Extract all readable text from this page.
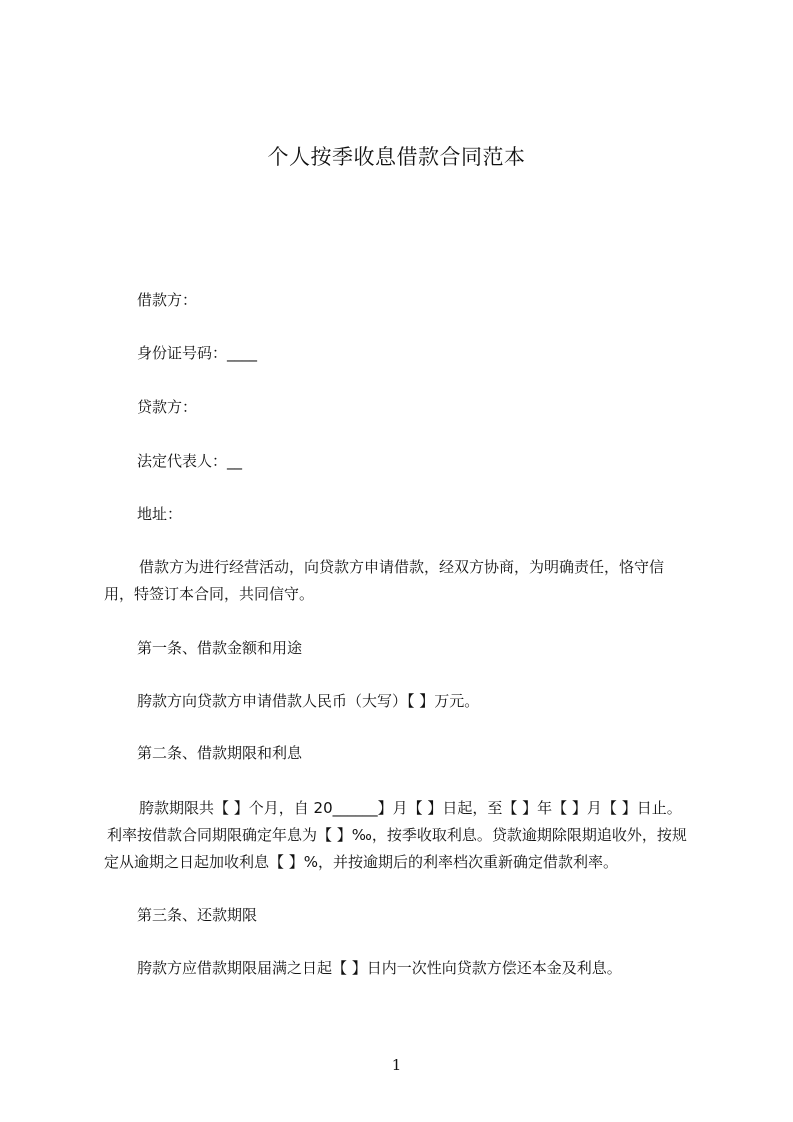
个人按季收息借款合同范本
借款方：
身份证号码：____
贷款方：
法定代表人：__
地址：
借款方为进行经营活动，向贷款方申请借款，经双方协商，为明确责任，恪守信
用，特签订本合同，共同信守。
第一条、借款金额和用途
胯款方向贷款方申请借款人民币（大写）【 】万元。
第二条、借款期限和利息
胯款期限共【 】个月，自 20______】月【 】日起，至【 】年【 】月【 】日止。
利率按借款合同期限确定年息为【 】‰，按季收取利息。贷款逾期除限期追收外，按规
定从逾期之日起加收利息【 】%，并按逾期后的利率档次重新确定借款利率。
第三条、还款期限
胯款方应借款期限届满之日起【 】日内一次性向贷款方偿还本金及利息。
1
